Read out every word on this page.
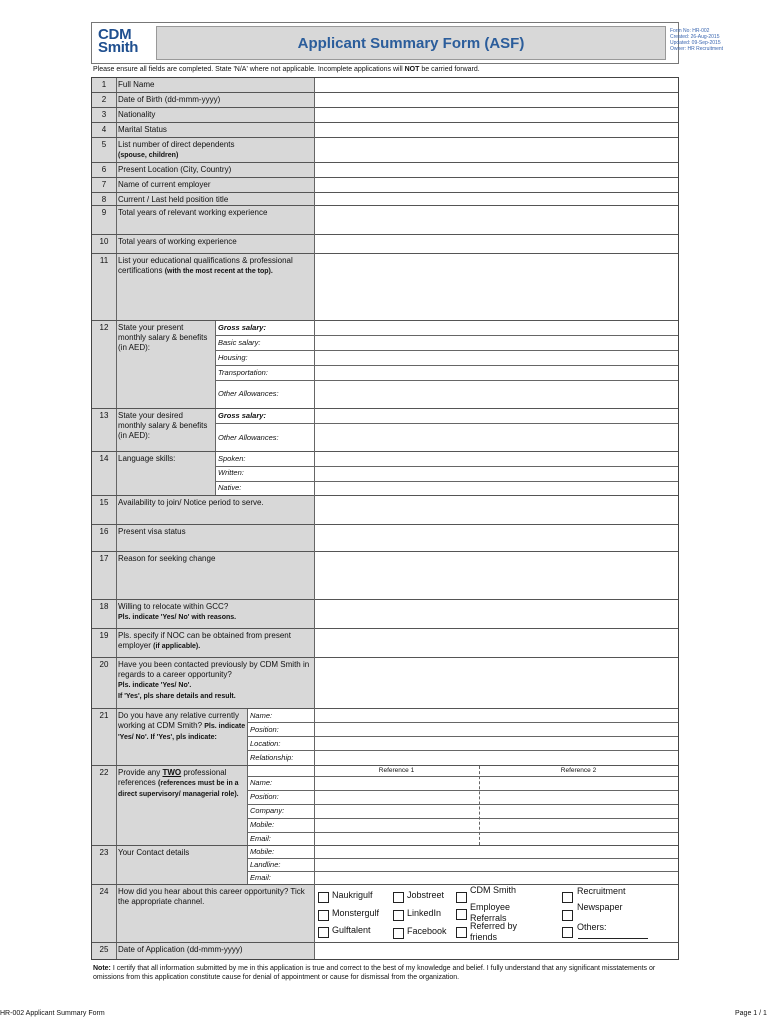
CDM Smith	Applicant Summary Form (ASF)
Form No: HR-002
Created: 26-Aug-2015
Updated: 09-Sep-2015
Owner: HR Recruitment
Please ensure all fields are completed. State 'N/A' where not applicable. Incomplete applications will NOT be carried forward.
1	Full Name
2	Date of Birth (dd-mmm-yyyy)
3	Nationality
4	Marital Status
5	List number of direct dependents
(spouse, children)
6	Present Location (City, Country)
7	Name of current employer
8	Current / Last held position title
9	Total years of relevant working experience
10	Total years of working experience
11	List your educational qualifications & professional certifications (with the most recent at the top).
12	State your present monthly salary & benefits (in AED):
Gross salary:
Basic salary:
Housing:
Transportation:
Other Allowances:
13	State your desired monthly salary & benefits (in AED):
Gross salary:
Other Allowances:
14	Language skills:	Spoken:
Written:
Native:
15	Availability to join/ Notice period to serve.
16	Present visa status
17	Reason for seeking change
18	Willing to relocate within GCC?
Pls. indicate 'Yes/ No' with reasons.
19	Pls. specify if NOC can be obtained from present employer (if applicable).
20	Have you been contacted previously by CDM Smith in regards to a career opportunity?
Pls. indicate 'Yes/ No'.
If 'Yes', pls share details and result.
21	Do you have any relative currently working at CDM Smith? Pls. indicate 'Yes/ No'. If 'Yes', pls indicate:
Name:
Position:
Location:
Relationship:
22	Provide any TWO professional references (references must be in a direct supervisory/ managerial role).
Reference 1	Reference 2
Name:
Position:
Company:
Mobile:
Email:
23	Your Contact details	Mobile:
Landline:
Email:
24	How did you hear about this career opportunity? Tick the appropriate channel.
Naukrigulf
Monstergulf
Gulftalent
Jobstreet
LinkedIn
Facebook
CDM Smith
Employee Referrals
Referred by friends
Recruitment
Newspaper
Others:
25	Date of Application (dd-mmm-yyyy)
Note: I certify that all information submitted by me in this application is true and correct to the best of my knowledge and belief. I fully understand that any significant misstatements or omissions from this application constitute cause for denial of appointment or cause for dismissal from the organization.
HR-002 Applicant Summary Form	Page 1 / 1
